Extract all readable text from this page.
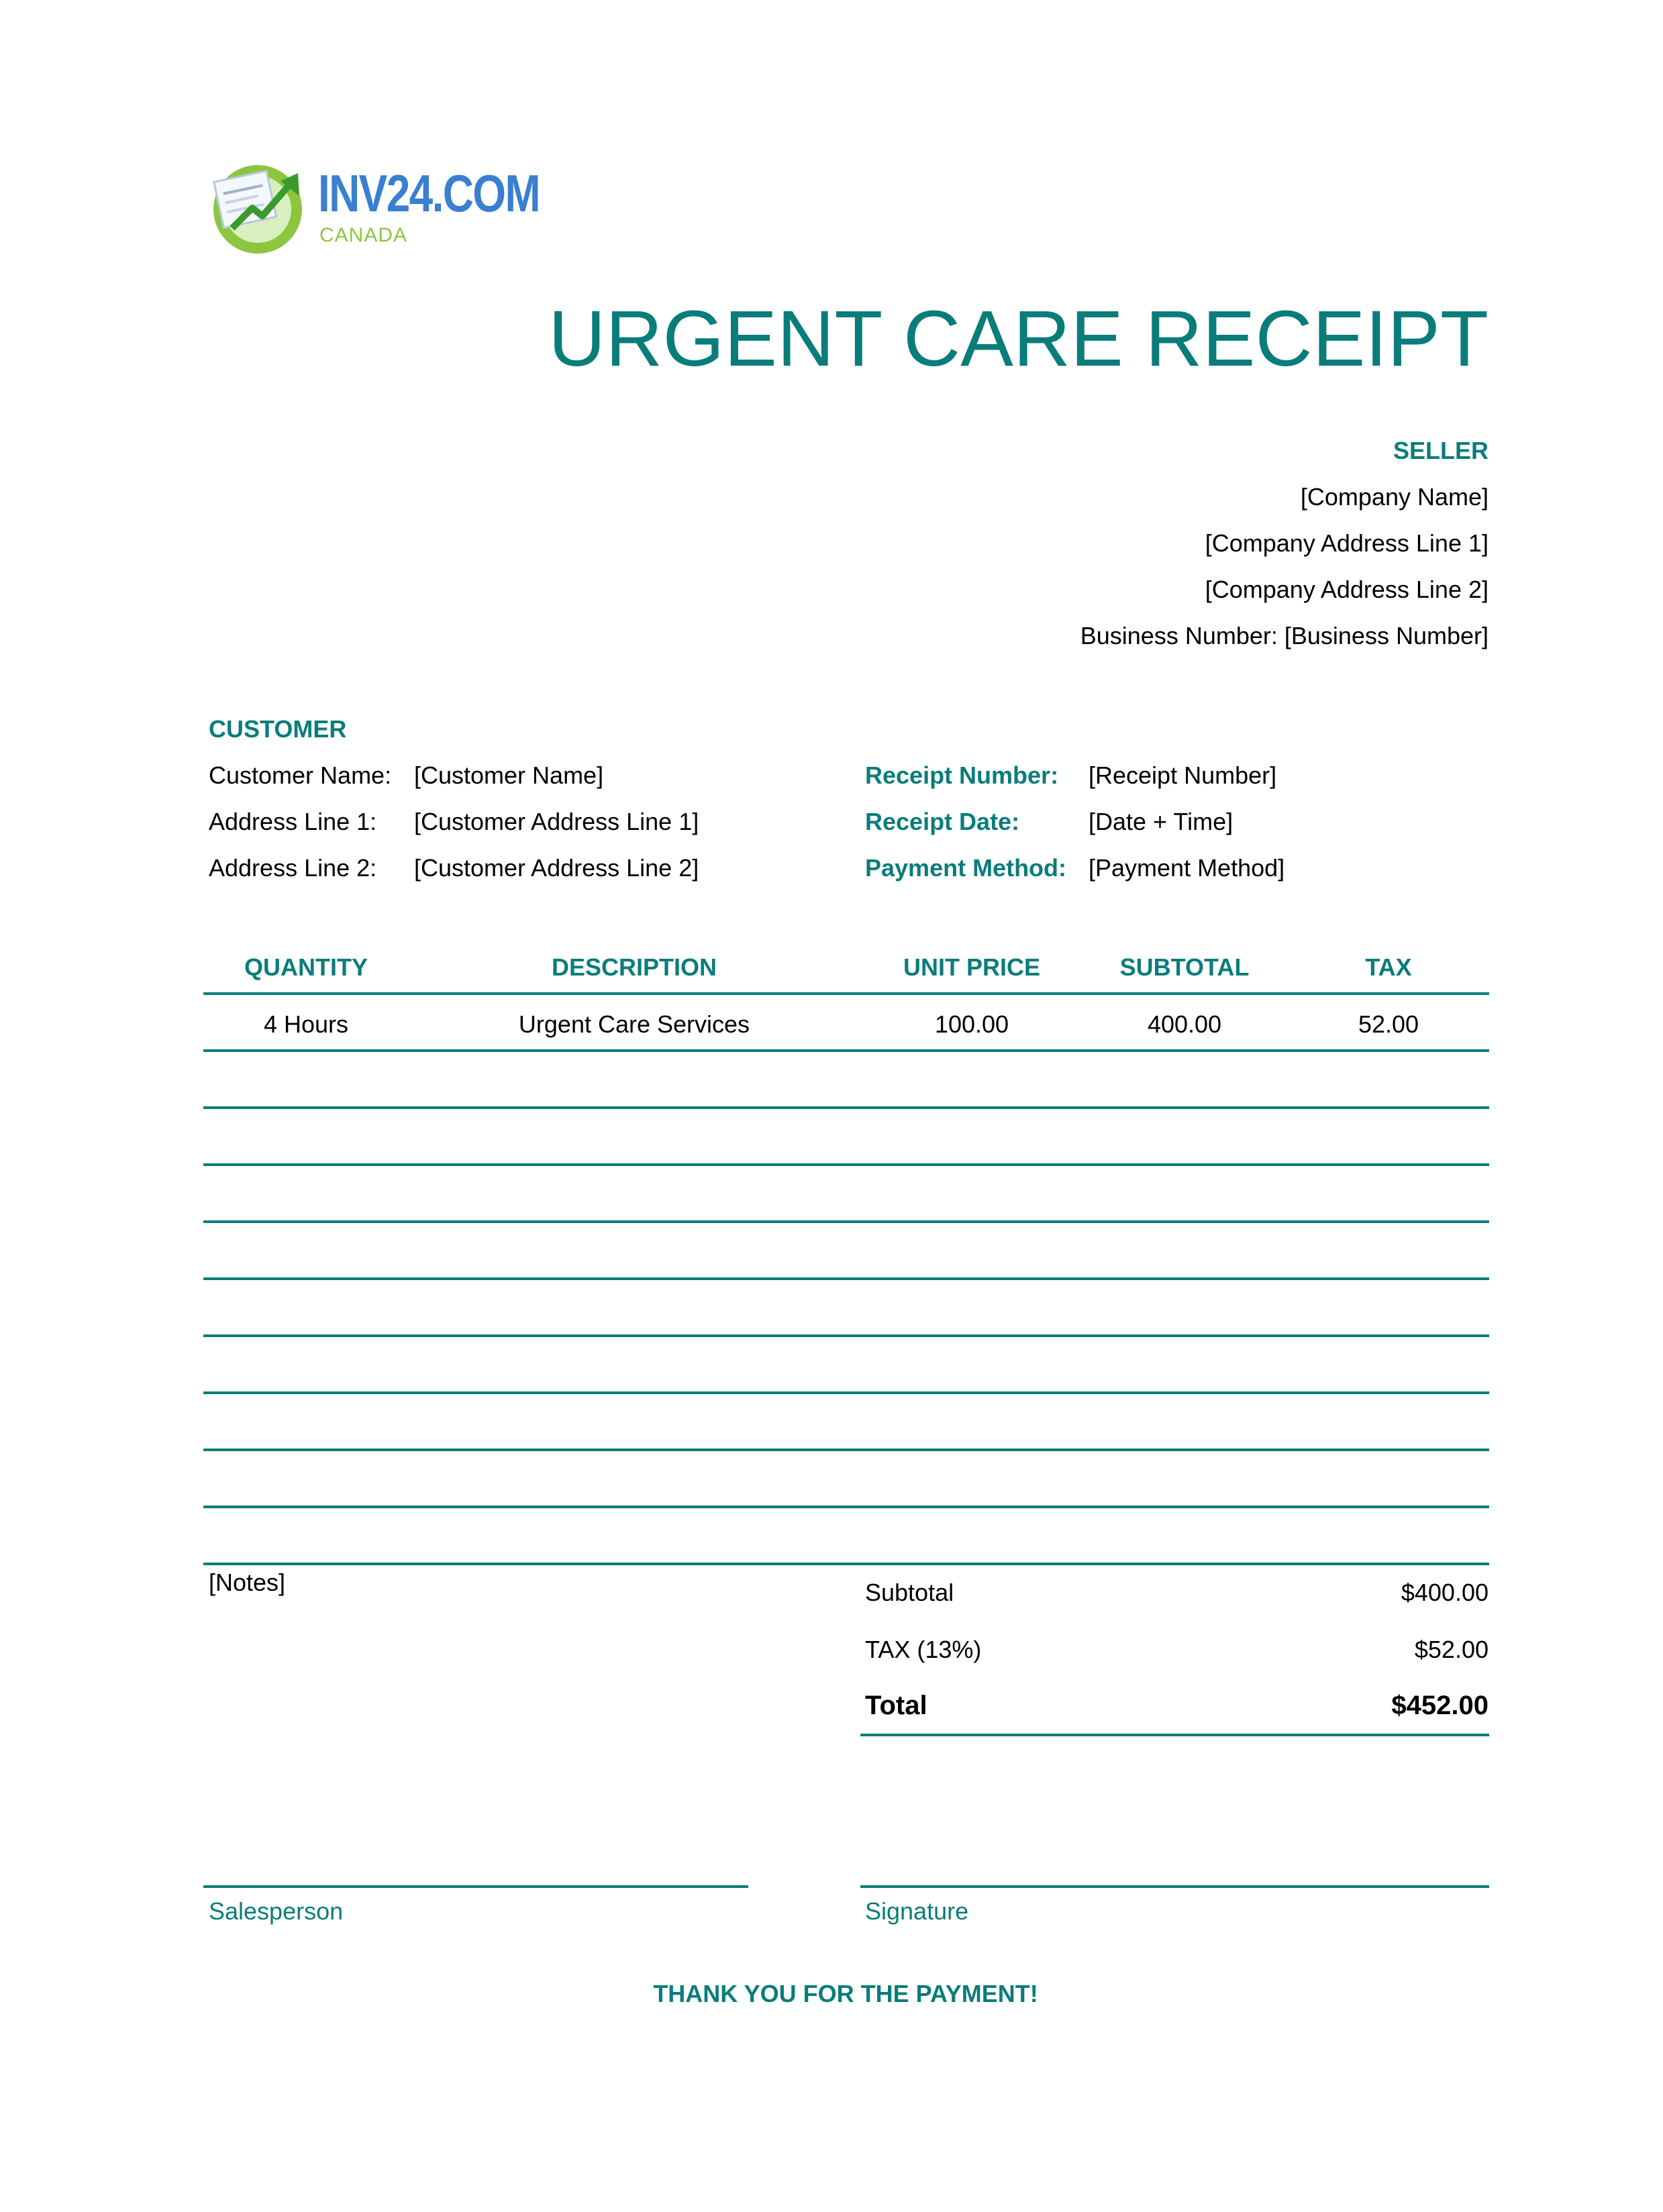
INV24.COM
CANADA
URGENT CARE RECEIPT
SELLER
[Company Name]
[Company Address Line 1]
[Company Address Line 2]
Business Number: [Business Number]
CUSTOMER
Customer Name: [Customer Name]
Address Line 1: [Customer Address Line 1]
Address Line 2: [Customer Address Line 2]
Receipt Number: [Receipt Number]
Receipt Date:	[Date + Time]
Payment Method: [Payment Method]
QUANTITY	DESCRIPTION	UNIT PRICE	SUBTOTAL	TAX
4 Hours	Urgent Care Services	100.00	400.00	52.00
[Notes]	Subtotal	$400.00
TAX (13%)	$52.00
Total	$452.00
Salesperson	Signature
THANK YOU FOR THE PAYMENT!
